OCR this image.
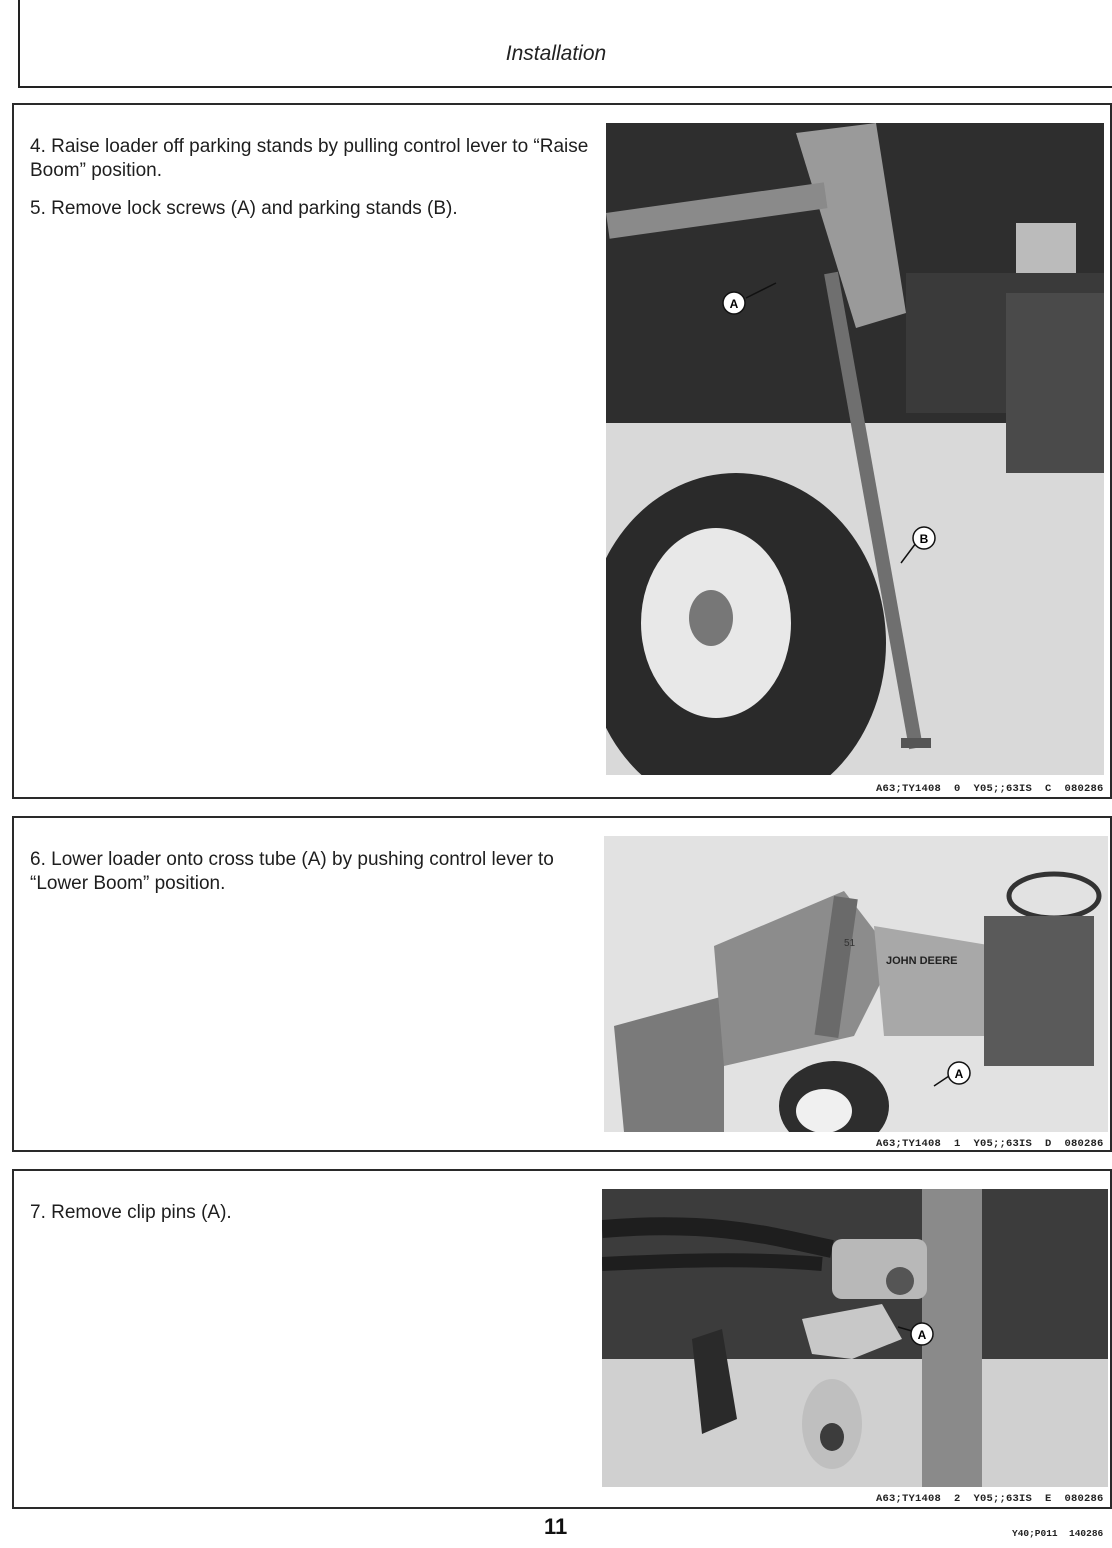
Installation

4. Raise loader off parking stands by pulling control lever to “Raise Boom” position.

5. Remove lock screws (A) and parking stands (B).

A
B
A63;TY1408  0  Y05;;63IS  C  080286

6. Lower loader onto cross tube (A) by pushing control lever to “Lower Boom” position.

JOHN DEERE
51
A
A63;TY1408  1  Y05;;63IS  D  080286

7. Remove clip pins (A).

A
A63;TY1408  2  Y05;;63IS  E  080286
11	Y40;P011  140286
